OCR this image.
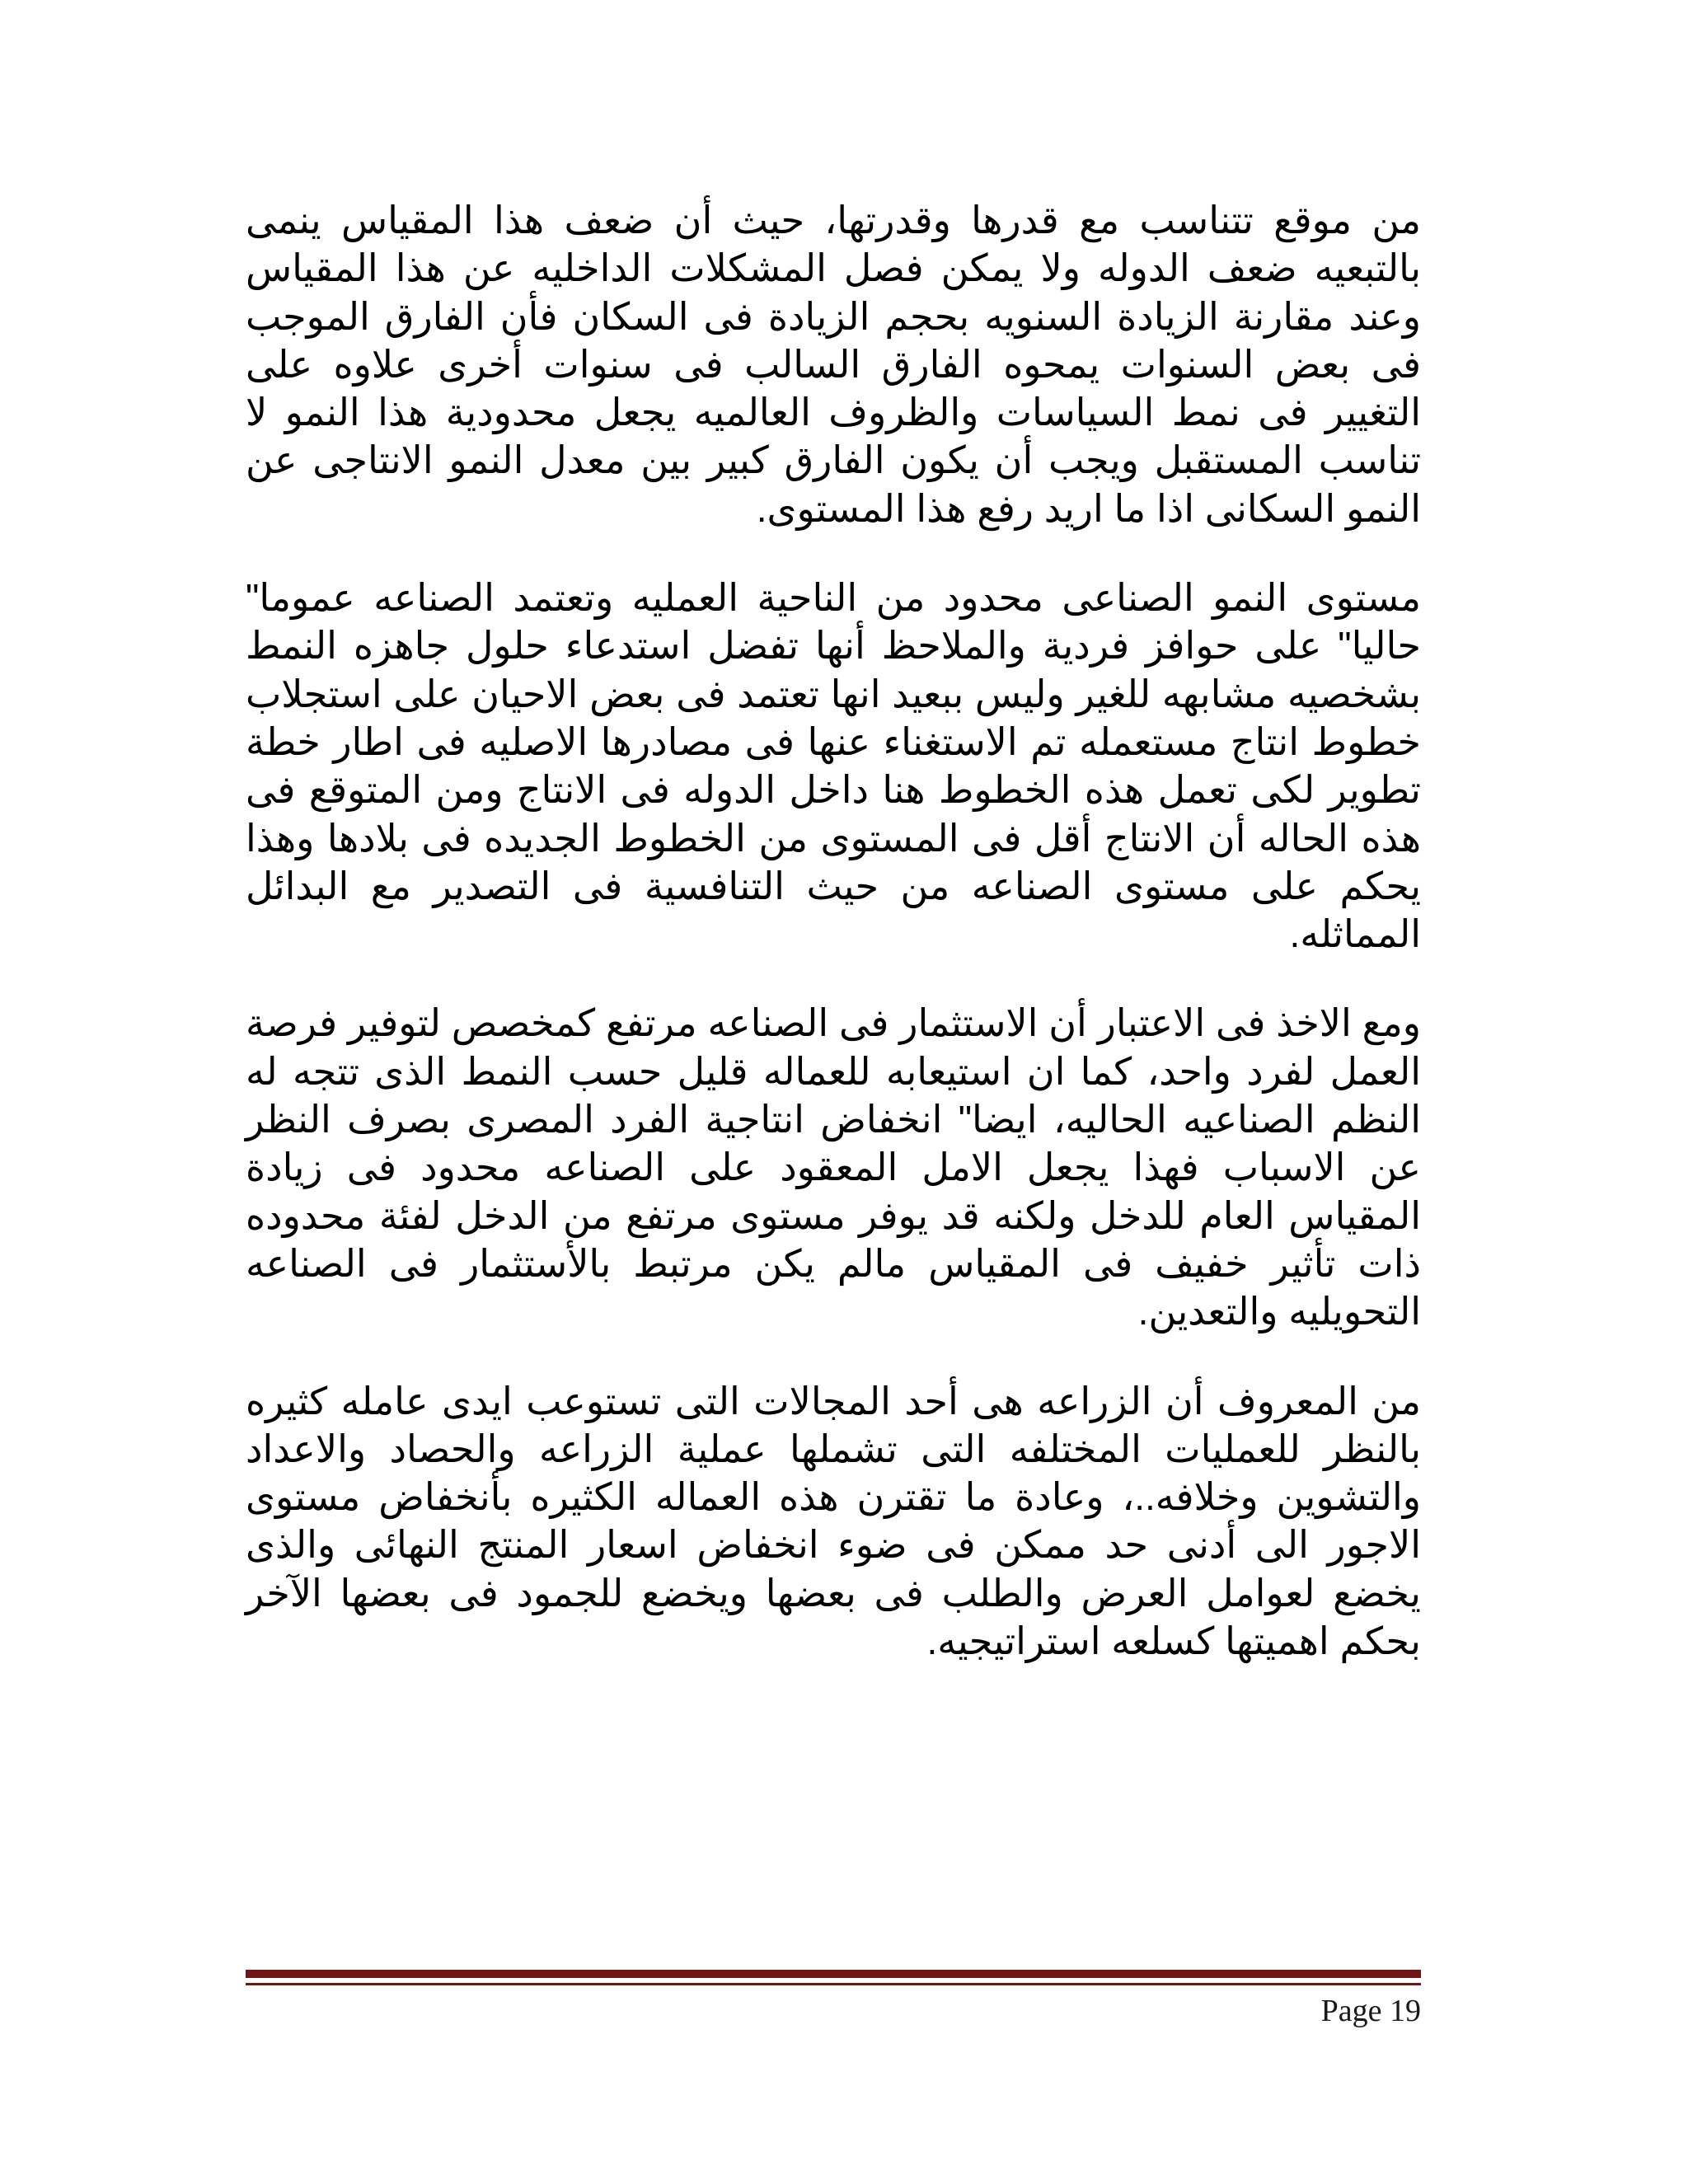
من موقع تتناسب مع قدرها وقدرتها، حيث أن ضعف هذا المقياس ينمى بالتبعيه ضعف الدوله ولا يمكن فصل المشكلات الداخليه عن هذا المقياس وعند مقارنة الزيادة السنويه بحجم الزيادة فى السكان فأن الفارق الموجب فى بعض السنوات يمحوه الفارق السالب فى سنوات أخرى علاوه على التغيير فى نمط السياسات والظروف العالميه يجعل محدودية هذا النمو لا تناسب المستقبل ويجب أن يكون الفارق كبير بين معدل النمو الانتاجى عن النمو السكانى اذا ما اريد رفع هذا المستوى.

مستوى النمو الصناعى محدود من الناحية العمليه وتعتمد الصناعه عموما" حاليا" على حوافز فردية والملاحظ أنها تفضل استدعاء حلول جاهزه النمط بشخصيه مشابهه للغير وليس ببعيد انها تعتمد فى بعض الاحيان على استجلاب خطوط انتاج مستعمله تم الاستغناء عنها فى مصادرها الاصليه فى اطار خطة تطوير لكى تعمل هذه الخطوط هنا داخل الدوله فى الانتاج ومن المتوقع فى هذه الحاله أن الانتاج أقل فى المستوى من الخطوط الجديده فى بلادها وهذا يحكم على مستوى الصناعه من حيث التنافسية فى التصدير مع البدائل المماثله.

ومع الاخذ فى الاعتبار أن الاستثمار فى الصناعه مرتفع كمخصص لتوفير فرصة العمل لفرد واحد، كما ان استيعابه للعماله قليل حسب النمط الذى تتجه له النظم الصناعيه الحاليه، ايضا" انخفاض انتاجية الفرد المصرى بصرف النظر عن الاسباب فهذا يجعل الامل المعقود على الصناعه محدود فى زيادة المقياس العام للدخل ولكنه قد يوفر مستوى مرتفع من الدخل لفئة محدوده ذات تأثير خفيف فى المقياس مالم يكن مرتبط بالأستثمار فى الصناعه التحويليه والتعدين.

من المعروف أن الزراعه هى أحد المجالات التى تستوعب ايدى عامله كثيره بالنظر للعمليات المختلفه التى تشملها عملية الزراعه والحصاد والاعداد والتشوين وخلافه..، وعادة ما تقترن هذه العماله الكثيره بأنخفاض مستوى الاجور الى أدنى حد ممكن فى ضوء انخفاض اسعار المنتج النهائى والذى يخضع لعوامل العرض والطلب فى بعضها ويخضع للجمود فى بعضها الآخر بحكم اهميتها كسلعه استراتيجيه.

Page 19
